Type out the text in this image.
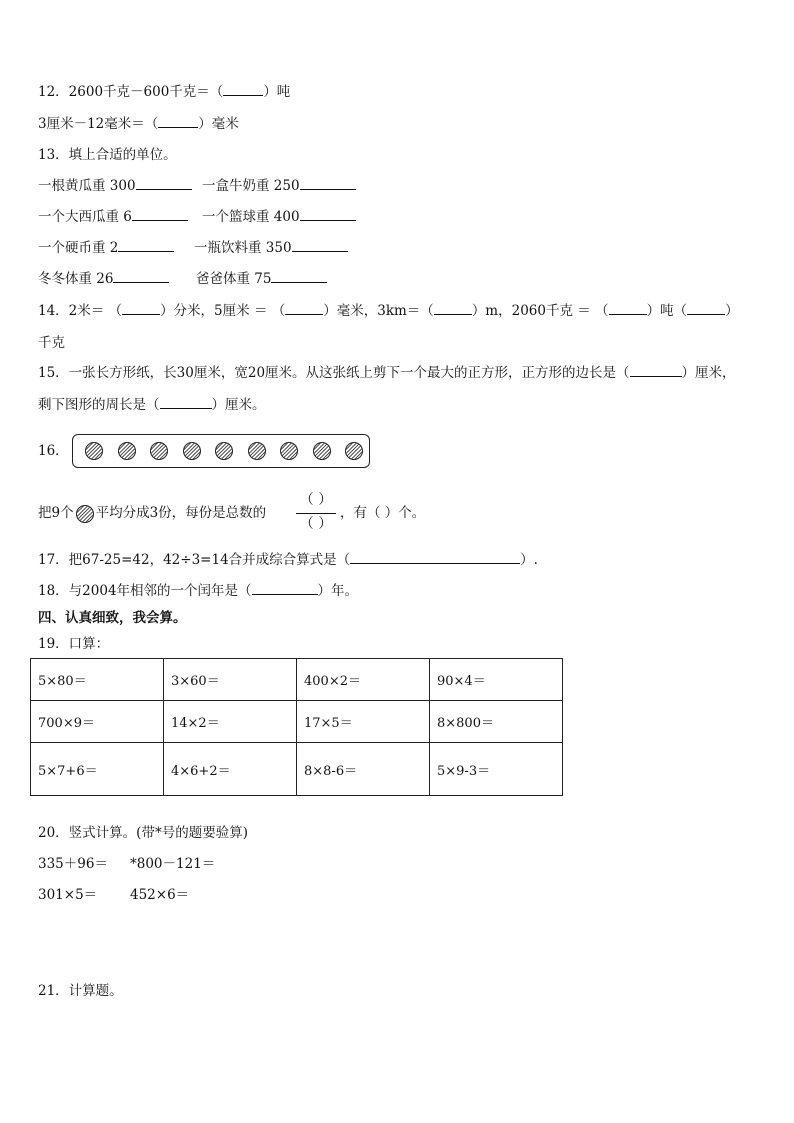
12．2600千克－600千克＝（	）吨
3厘米－12毫米＝（	）毫米
13．填上合适的单位。
一根黄瓜重 300	一盒牛奶重 250
一个大西瓜重 6	一个篮球重 400
一个硬币重 2	一瓶饮料重 350
冬冬体重 26	爸爸体重 75
14．2米＝ （	）分米，5厘米 ＝ （	）毫米，3km＝（	）m，2060千克 ＝ （	）吨（	）
千克
15．一张长方形纸，长30厘米，宽20厘米。从这张纸上剪下一个最大的正方形，正方形的边长是（	）厘米，
剩下图形的周长是（	）厘米。
16．
把9个 平均分成3份，每份是总数的
（ ）
（ ）
，有（ ）个。
17．把67-25=42，42÷3=14合并成综合算式是（	）.
18．与2004年相邻的一个闰年是（	）年。
四、认真细致，我会算。
19．口算：
5×80＝	3×60＝	400×2＝	90×4＝
700×9＝	14×2＝	17×5＝	8×800＝
5×7+6＝	4×6+2＝	8×8-6＝	5×9-3＝
20．竖式计算。(带*号的题要验算)
335＋96＝ *800－121＝
301×5＝ 452×6＝
21．计算题。
